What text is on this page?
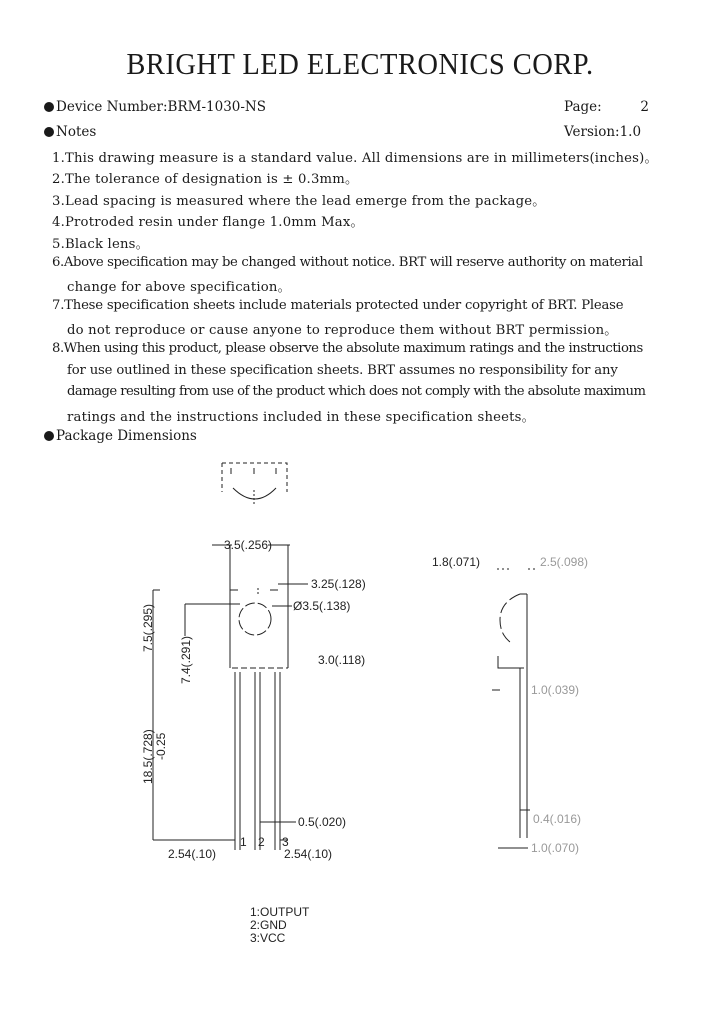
BRIGHT LED ELECTRONICS CORP.
Device Number:BRM-1030-NS	Page:	2
Notes	Version:1.0
1.This drawing measure is a standard value. All dimensions are in millimeters(inches)。
2.The tolerance of designation is ± 0.3mm。
3.Lead spacing is measured where the lead emerge from the package。
4.Protroded resin under flange 1.0mm Max。
5.Black lens。
6.Above specification may be changed without notice. BRT will reserve authority on material
change for above specification。
7.These specification sheets include materials protected under copyright of BRT. Please
do not reproduce or cause anyone to reproduce them without BRT permission。
8.When using this product, please observe the absolute maximum ratings and the instructions
for use outlined in these specification sheets. BRT assumes no responsibility for any
damage resulting from use of the product which does not comply with the absolute maximum
ratings and the instructions included in these specification sheets。
Package Dimensions
3.5(.256)
3.25(.128)
Ø3.5(.138)
3.0(.118)
7.5(.295)
7.4(.291)
18.5(.728) -0.25
0.5(.020)
2.54(.10)	2.54(.10)
1 2 3
1.8(.071)	2.5(.098)
1.0(.039)
0.4(.016)
1.0(.070)
1:OUTPUT
2:GND
3:VCC
